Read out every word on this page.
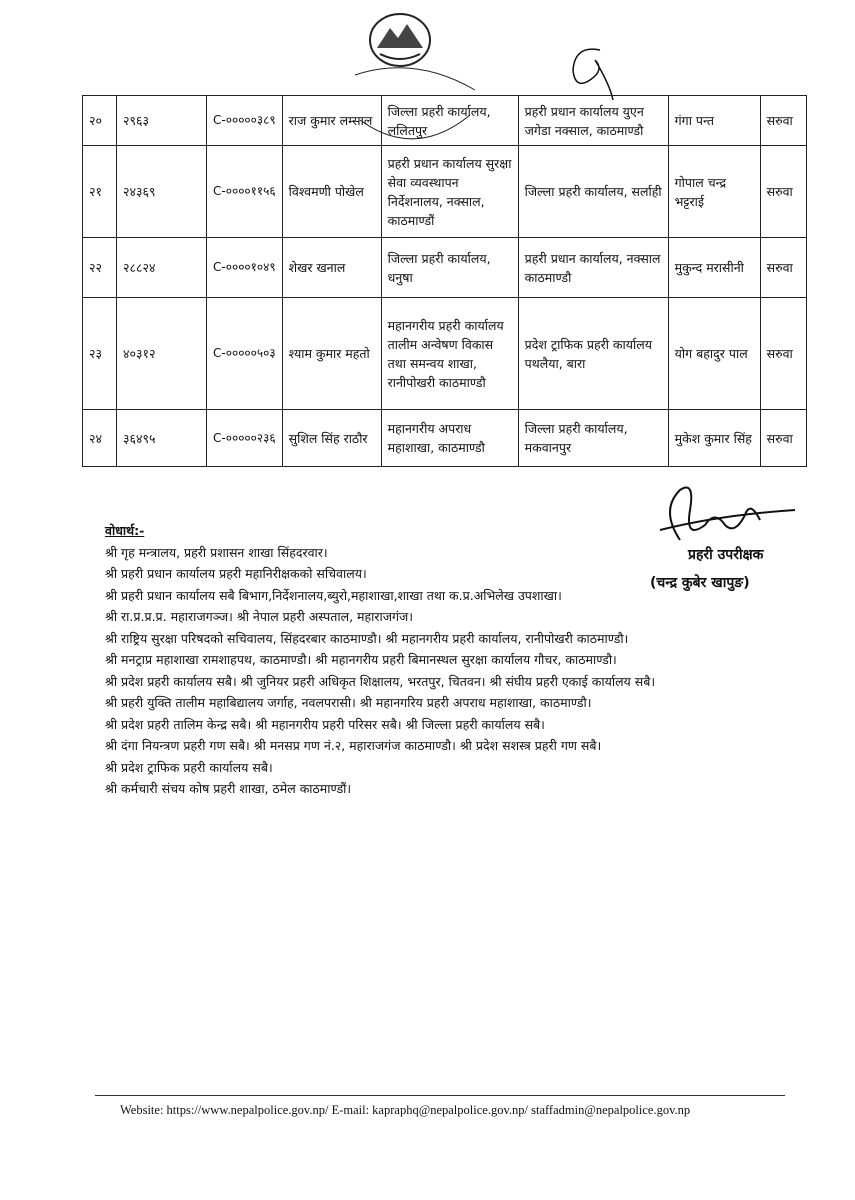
२०	२९६३	C-०००००३८९	राज कुमार लम्साल	जिल्ला प्रहरी कार्यालय, ललितपुर	प्रहरी प्रधान कार्यालय युएन जगेडा नक्साल, काठमाण्डौ	गंगा पन्त	सरुवा
२१	२४३६९	C-००००११५६	विश्वमणी पोखेल	प्रहरी प्रधान कार्यालय सुरक्षा सेवा व्यवस्थापन निर्देशनालय, नक्साल, काठमाण्डौं	जिल्ला प्रहरी कार्यालय, सर्लाही	गोपाल चन्द्र भट्टराई	सरुवा
२२	२८८२४	C-००००१०४९	शेखर खनाल	जिल्ला प्रहरी कार्यालय, धनुषा	प्रहरी प्रधान कार्यालय, नक्साल काठमाण्डौ	मुकुन्द मरासीनी	सरुवा
२३	४०३१२	C-०००००५०३	श्याम कुमार महतो	महानगरीय प्रहरी कार्यालय तालीम अन्वेषण विकास तथा समन्वय शाखा, रानीपोखरी काठमाण्डौ	प्रदेश ट्राफिक प्रहरी कार्यालय पथलैया, बारा	योग बहादुर पाल	सरुवा
२४	३६४९५	C-०००००२३६	सुशिल सिंह राठौर	महानगरीय अपराध महाशाखा, काठमाण्डौ	जिल्ला प्रहरी कार्यालय, मकवानपुर	मुकेश कुमार सिंह	सरुवा
प्रहरी उपरीक्षक
(चन्द्र कुबेर खापुङ)
वोधार्थ:-
श्री गृह मन्त्रालय, प्रहरी प्रशासन शाखा सिंहदरवार।
श्री प्रहरी प्रधान कार्यालय प्रहरी महानिरीक्षकको सचिवालय।
श्री प्रहरी प्रधान कार्यालय सबै बिभाग,निर्देशनालय,ब्युरो,महाशाखा,शाखा तथा क.प्र.अभिलेख उपशाखा।
श्री रा.प्र.प्र.प्र. महाराजगञ्ज। श्री नेपाल प्रहरी अस्पताल, महाराजगंज।
श्री राष्ट्रिय सुरक्षा परिषदको सचिवालय, सिंहदरबार काठमाण्डौ। श्री महानगरीय प्रहरी कार्यालय, रानीपोखरी काठमाण्डौ।
श्री मनट्राप्र महाशाखा रामशाहपथ, काठमाण्डौ। श्री महानगरीय प्रहरी बिमानस्थल सुरक्षा कार्यालय गौचर, काठमाण्डौ।
श्री प्रदेश प्रहरी कार्यालय सबै। श्री जुनियर प्रहरी अधिकृत शिक्षालय, भरतपुर, चितवन। श्री संघीय प्रहरी एकाई कार्यालय सबै।
श्री प्रहरी युक्ति तालीम महाबिद्यालय जर्गाह, नवलपरासी। श्री महानगरिय प्रहरी अपराध महाशाखा, काठमाण्डौ।
श्री प्रदेश प्रहरी तालिम केन्द्र सबै। श्री महानगरीय प्रहरी परिसर सबै। श्री जिल्ला प्रहरी कार्यालय सबै।
श्री दंगा नियन्त्रण प्रहरी गण सबै। श्री मनसप्र गण नं.२, महाराजगंज काठमाण्डौ। श्री प्रदेश सशस्त्र प्रहरी गण सबै।
श्री प्रदेश ट्राफिक प्रहरी कार्यालय सबै।
श्री कर्मचारी संचय कोष प्रहरी शाखा, ठमेल काठमाण्डौं।
Website: https://www.nepalpolice.gov.np/ E-mail: kapraphq@nepalpolice.gov.np/ staffadmin@nepalpolice.gov.np
